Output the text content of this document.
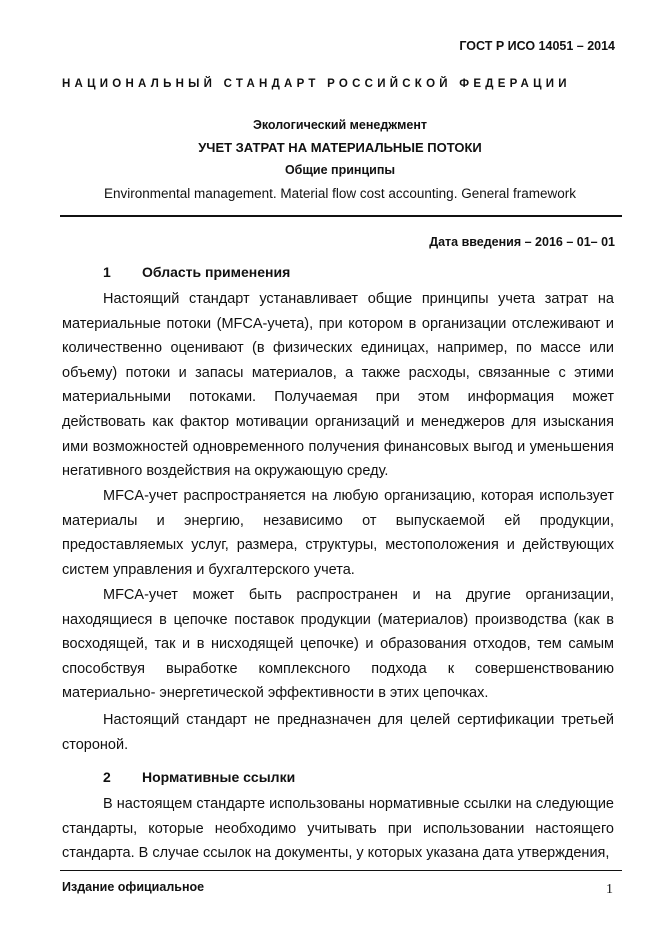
ГОСТ Р ИСО 14051 – 2014
НАЦИОНАЛЬНЫЙ СТАНДАРТ РОССИЙСКОЙ ФЕДЕРАЦИИ
Экологический менеджмент
УЧЕТ ЗАТРАТ НА МАТЕРИАЛЬНЫЕ ПОТОКИ
Общие принципы
Environmental management. Material flow cost accounting. General framework
Дата введения – 2016 – 01– 01
1 Область применения

Настоящий стандарт устанавливает общие принципы учета затрат на материальные потоки (MFCA-учета), при котором в организации отслеживают и количественно оценивают (в физических единицах, например, по массе или объему) потоки и запасы материалов, а также расходы, связанные с этими материальными потоками. Получаемая при этом информация может действовать как фактор мотивации организаций и менеджеров для изыскания ими возможностей одновременного получения финансовых выгод и уменьшения негативного воздействия на окружающую среду.

MFCA-учет распространяется на любую организацию, которая использует материалы и энергию, независимо от выпускаемой ей продукции, предоставляемых услуг, размера, структуры, местоположения и действующих систем управления и бухгалтерского учета.

MFCA-учет может быть распространен и на другие организации, находящиеся в цепочке поставок продукции (материалов) производства (как в восходящей, так и в нисходящей цепочке) и образования отходов, тем самым способствуя выработке комплексного подхода к совершенствованию материально- энергетической эффективности в этих цепочках.

Настоящий стандарт не предназначен для целей сертификации третьей стороной.

2 Нормативные ссылки

В настоящем стандарте использованы нормативные ссылки на следующие стандарты, которые необходимо учитывать при использовании настоящего стандарта. В случае ссылок на документы, у которых указана дата утверждения,

Издание официальное	1
